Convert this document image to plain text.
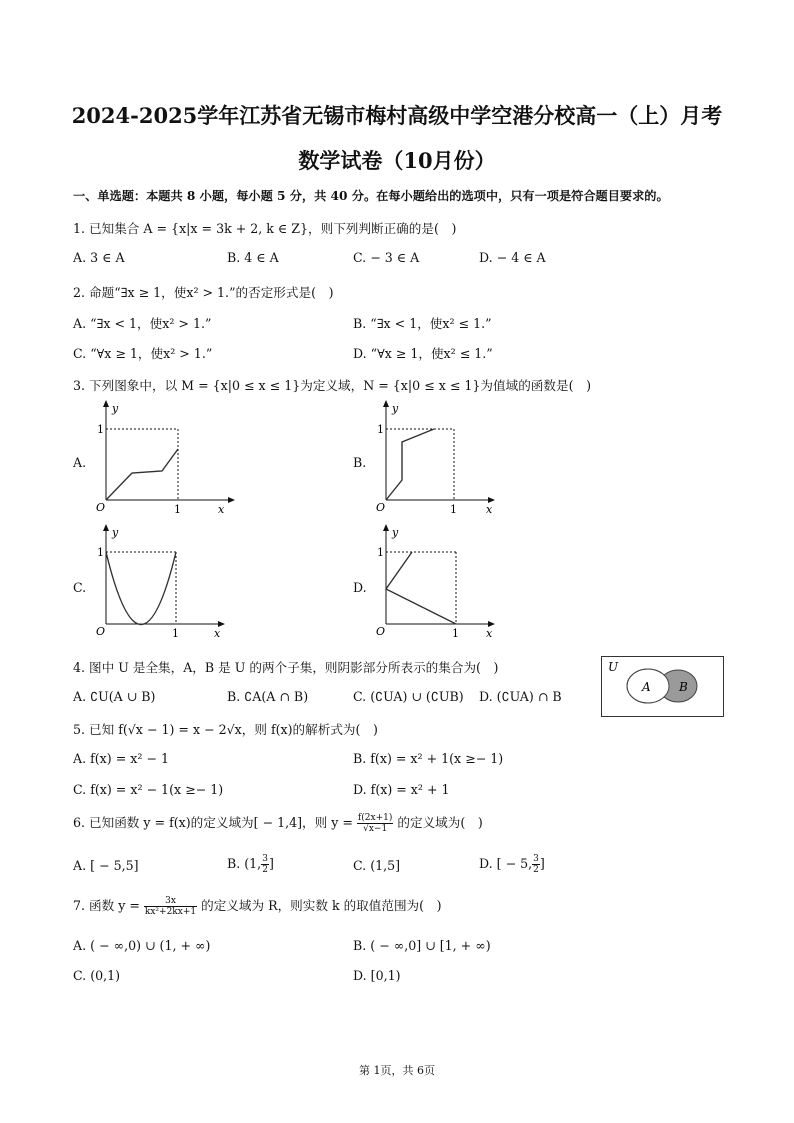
2024-2025学年江苏省无锡市梅村高级中学空港分校高一（上）月考
数学试卷（10月份）
一、单选题：本题共 8 小题，每小题 5 分，共 40 分。在每小题给出的选项中，只有一项是符合题目要求的。
1. 已知集合 A = {x|x = 3k + 2, k ∈ Z}，则下列判断正确的是(　)
A. 3 ∈ A	B. 4 ∈ A	C. − 3 ∈ A	D. − 4 ∈ A
2. 命题“∃x ≥ 1，使x² > 1.”的否定形式是(　)
A. “∃x < 1，使x² > 1.”	B. “∃x < 1，使x² ≤ 1.”
C. “∀x ≥ 1，使x² > 1.”	D. “∀x ≥ 1，使x² ≤ 1.”
3. 下列图象中，以 M = {x|0 ≤ x ≤ 1}为定义域，N = {x|0 ≤ x ≤ 1}为值域的函数是(　)
A.	B.
C.	D.
y
x
O	1
1
y
x
O	1
1
y
x
O	1
1
y
x
O	1
1
4. 图中 U 是全集，A，B 是 U 的两个子集，则阴影部分所表示的集合为(　)
A. ∁U(A ∪ B)	B. ∁A(A ∩ B)	C. (∁UA) ∪ (∁UB) D. (∁UA) ∩ B
U
A B
5. 已知 f(√x − 1) = x − 2√x，则 f(x)的解析式为(　)
A. f(x) = x² − 1	B. f(x) = x² + 1(x ≥− 1)
C. f(x) = x² − 1(x ≥− 1)	D. f(x) = x² + 1
6. 已知函数 y = f(x)的定义域为[ − 1,4]，则 $y = \frac{f(2x+1)}{√x-1}$ 的定义域为(　)
A. [ − 5,5]	B. (1, $\frac{3}{2}$ ]	C. (1,5]	D. [ − 5, $\frac{3}{2}$ ]
7. 函数 $y = \frac{3x}{\text{kx²+2kx+1}}$ 的定义域为 R，则实数 k 的取值范围为(　)
A. ( − ∞,0) ∪ (1, + ∞)	B. ( − ∞,0] ∪ [1, + ∞)
C. (0,1)	D. [0,1)
第 1页，共 6页
